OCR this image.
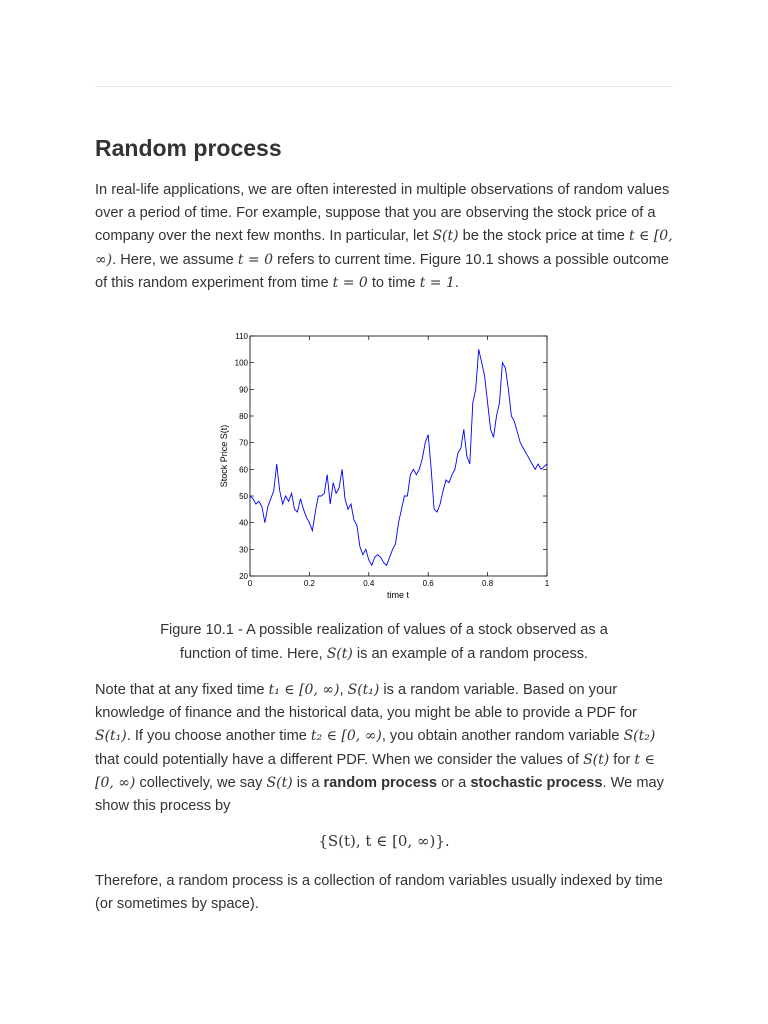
Random process

In real-life applications, we are often interested in multiple observations of random values over a period of time. For example, suppose that you are observing the stock price of a company over the next few months. In particular, let S(t) be the stock price at time t ∈ [0, ∞). Here, we assume t = 0 refers to current time. Figure 10.1 shows a possible outcome of this random experiment from time t = 0 to time t = 1.

0	0.2	0.4	0.6	0.8	1
20
30
40
50
60
70
80
90
100
110
time t
Stock Price S(t)
Figure 10.1 - A possible realization of values of a stock observed as a
function of time. Here, S(t) is an example of a random process.

Note that at any fixed time t₁ ∈ [0, ∞), S(t₁) is a random variable. Based on your knowledge of finance and the historical data, you might be able to provide a PDF for S(t₁). If you choose another time t₂ ∈ [0, ∞), you obtain another random variable S(t₂) that could potentially have a different PDF. When we consider the values of S(t) for t ∈ [0, ∞) collectively, we say S(t) is a random process or a stochastic process. We may show this process by

{S(t), t ∈ [0, ∞)}.

Therefore, a random process is a collection of random variables usually indexed by time (or sometimes by space).
